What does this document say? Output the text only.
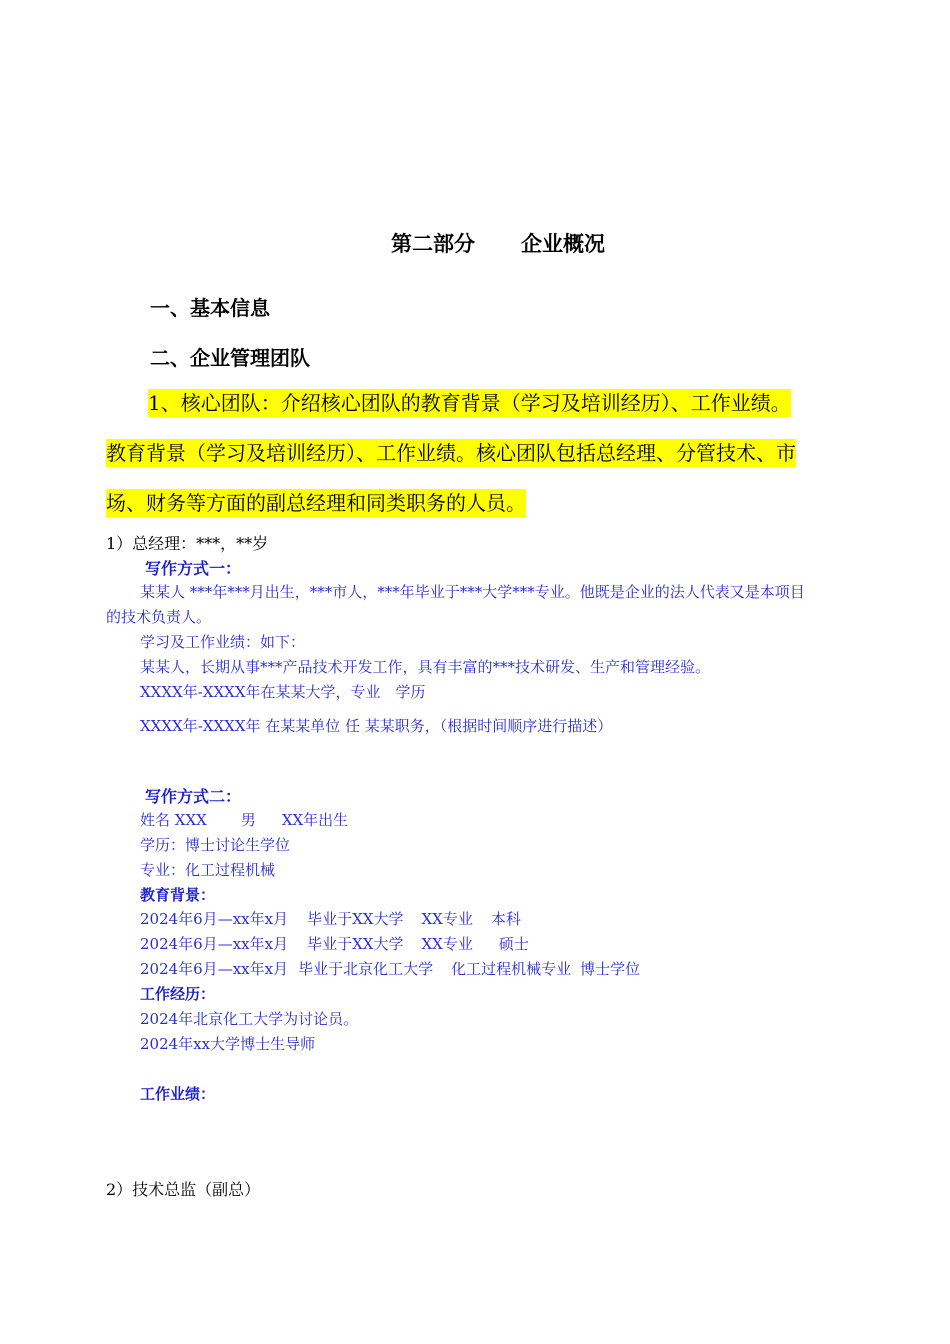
第二部分 企业概况
一、基本信息
二、企业管理团队
1、核心团队：介绍核心团队的教育背景（学习及培训经历）、工作业绩。
教育背景（学习及培训经历）、工作业绩。核心团队包括总经理、分管技术、市
场、财务等方面的副总经理和同类职务的人员。
1）总经理：***，**岁
写作方式一：
某某人 ***年***月出生，***市人，***年毕业于***大学***专业。他既是企业的法人代表又是本项目
的技术负责人。
学习及工作业绩：如下：
某某人，长期从事***产品技术开发工作，具有丰富的***技术研发、生产和管理经验。
XXXX年-XXXX年在某某大学，专业　学历
XXXX年-XXXX年 在某某单位 任 某某职务，（根据时间顺序进行描述）
写作方式二：
姓名 XXX 男 XX年出生
学历：博士讨论生学位
专业：化工过程机械
教育背景：
2024年6月—xx年x月 毕业于XX大学 XX专业 本科
2024年6月—xx年x月 毕业于XX大学 XX专业 硕士
2024年6月—xx年x月 毕业于北京化工大学 化工过程机械专业 博士学位
工作经历：
2024年北京化工大学为讨论员。
2024年xx大学博士生导师
工作业绩：
2）技术总监（副总）
